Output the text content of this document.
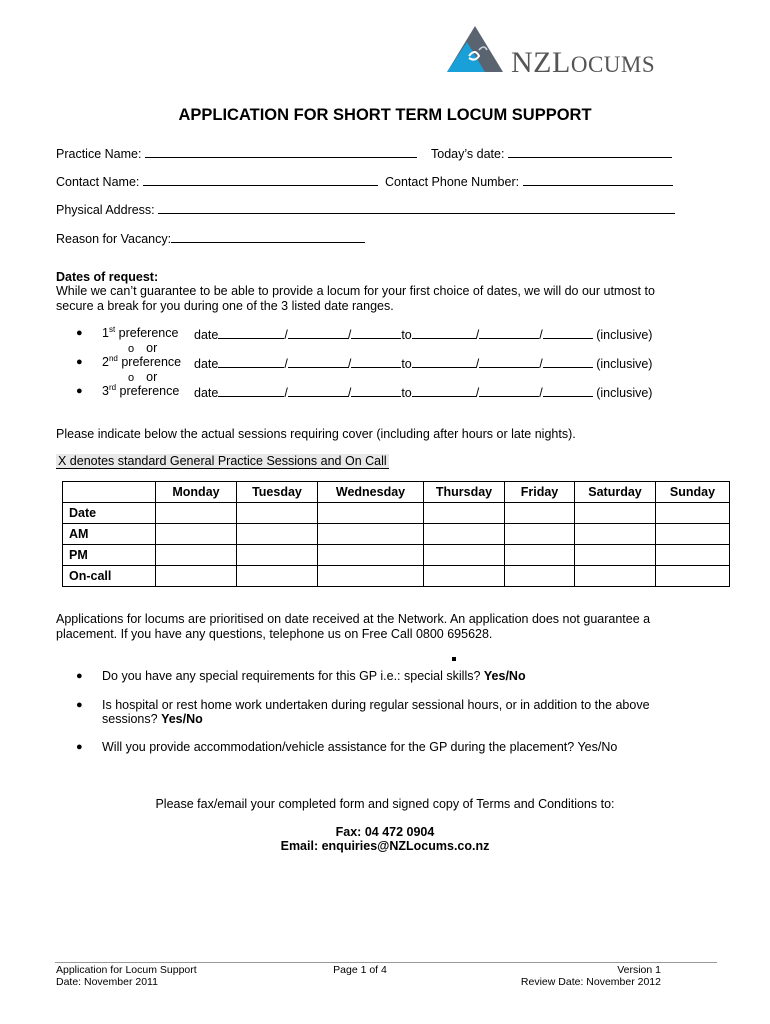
NZLOCUMS
APPLICATION FOR SHORT TERM LOCUM SUPPORT
Practice Name:	Today’s date:
Contact Name:	Contact Phone Number:
Physical Address:
Reason for Vacancy:
Dates of request:
While we can’t guarantee to be able to provide a locum for your first choice of dates, we will do our utmost to secure a break for you during one of the 3 listed date ranges.
● 1st preference date	/	/	to	/	/	(inclusive)
o or
● 2nd preference date	/	/	to	/	/	(inclusive)
o or
● 3rd preference date	/	/	to	/	/	(inclusive)
Please indicate below the actual sessions requiring cover (including after hours or late nights).
X denotes standard General Practice Sessions and On Call
	Monday	Tuesday	Wednesday	Thursday	Friday	Saturday	Sunday
Date							
AM							
PM							
On-call							
Applications for locums are prioritised on date received at the Network. An application does not guarantee a placement. If you have any questions, telephone us on Free Call 0800 695628.
● Do you have any special requirements for this GP i.e.: special skills? Yes/No
● Is hospital or rest home work undertaken during regular sessional hours, or in addition to the above sessions? Yes/No
● Will you provide accommodation/vehicle assistance for the GP during the placement? Yes/No
Please fax/email your completed form and signed copy of Terms and Conditions to:
Fax: 04 472 0904
Email: enquiries@NZLocums.co.nz
Application for Locum Support
Date: November 2011
Page 1 of 4	Version 1
Review Date: November 2012
